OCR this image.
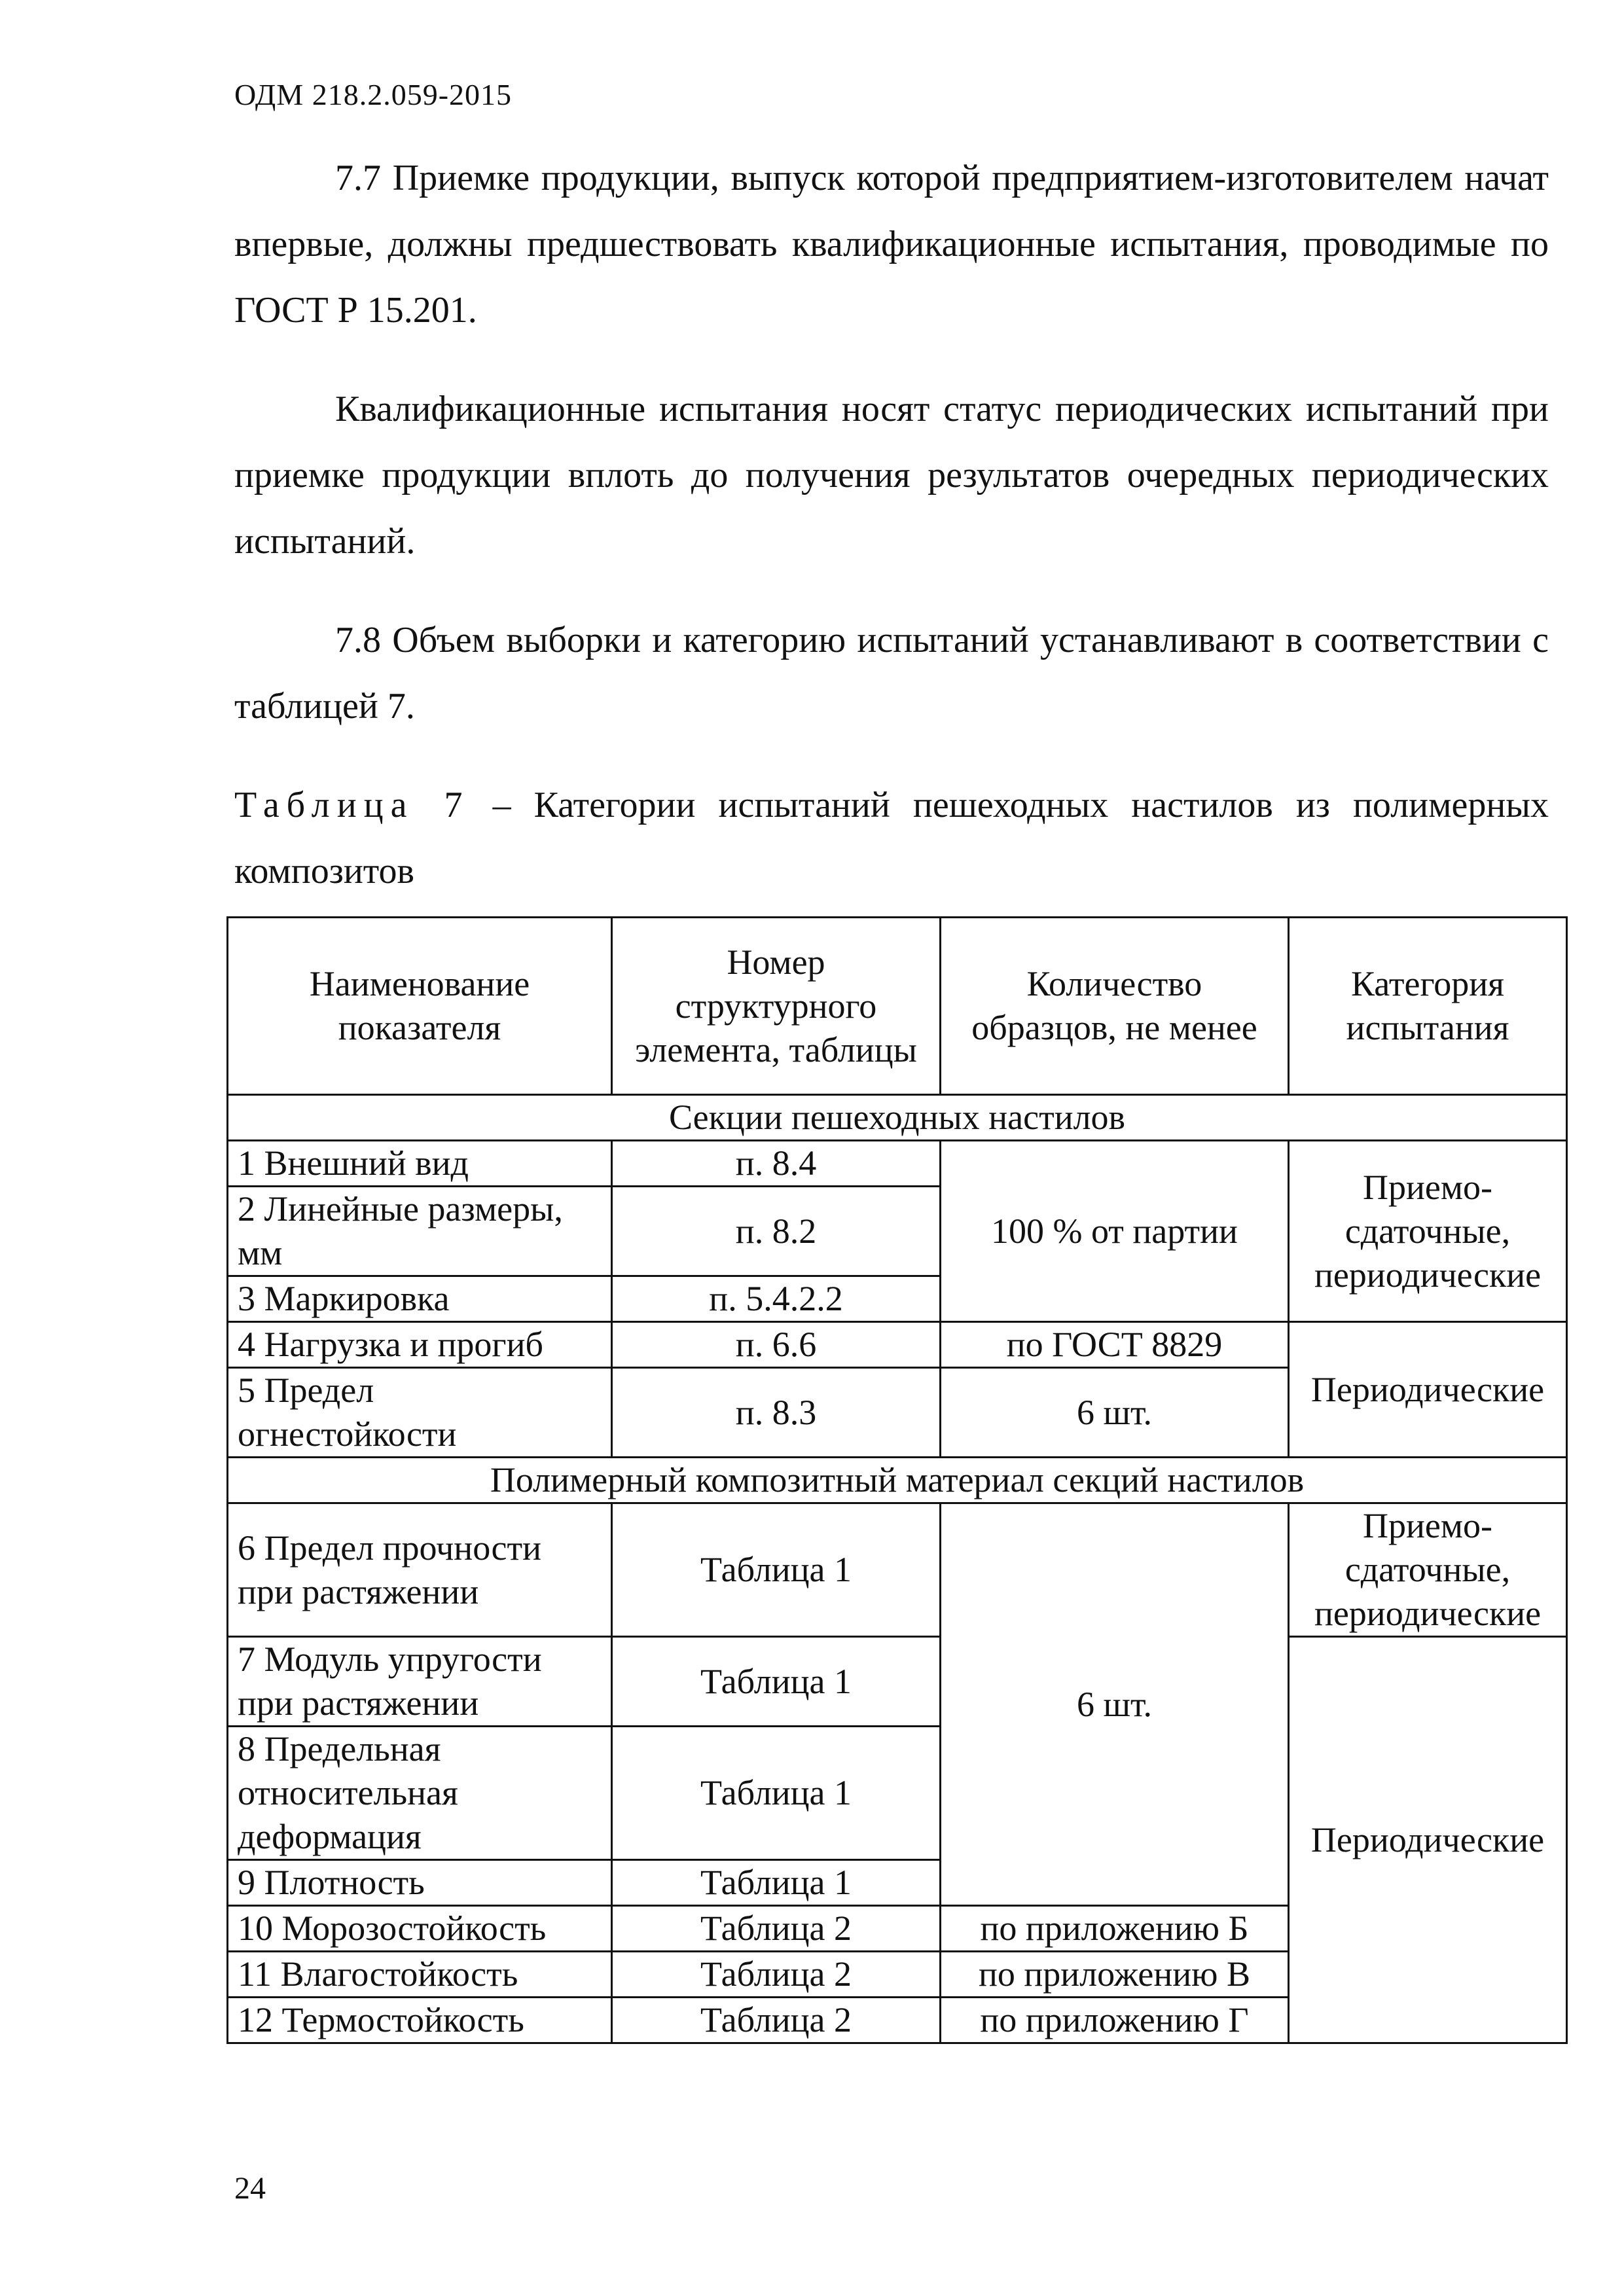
ОДМ 218.2.059-2015

7.7 Приемке продукции, выпуск которой предприятием-изготовителем начат впервые, должны предшествовать квалификационные испытания, проводимые по ГОСТ Р 15.201.

Квалификационные испытания носят статус периодических испытаний при приемке продукции вплоть до получения результатов очередных периодических испытаний.

7.8 Объем выборки и категорию испытаний устанавливают в соответствии с таблицей 7.

Таблица 7 – Категории испытаний пешеходных настилов из полимерных композитов

Наименование показателя	Номер структурного элемента, таблицы	Количество образцов, не менее	Категория испытания
Секции пешеходных настилов			
1 Внешний вид	п. 8.4	100 % от партии	Приемо-сдаточные, периодические
2 Линейные размеры, мм	п. 8.2		
3 Маркировка	п. 5.4.2.2		
4 Нагрузка и прогиб	п. 6.6	по ГОСТ 8829	Периодические
5 Предел огнестойкости	п. 8.3	6 шт.	
Полимерный композитный материал секций настилов			
6 Предел прочности при растяжении	Таблица 1	6 шт.	Приемо-сдаточные, периодические
7 Модуль упругости при растяжении	Таблица 1		Периодические
8 Предельная относительная деформация	Таблица 1		
9 Плотность	Таблица 1		
10 Морозостойкость	Таблица 2	по приложению Б	
11 Влагостойкость	Таблица 2	по приложению В	
12 Термостойкость	Таблица 2	по приложению Г	
24
